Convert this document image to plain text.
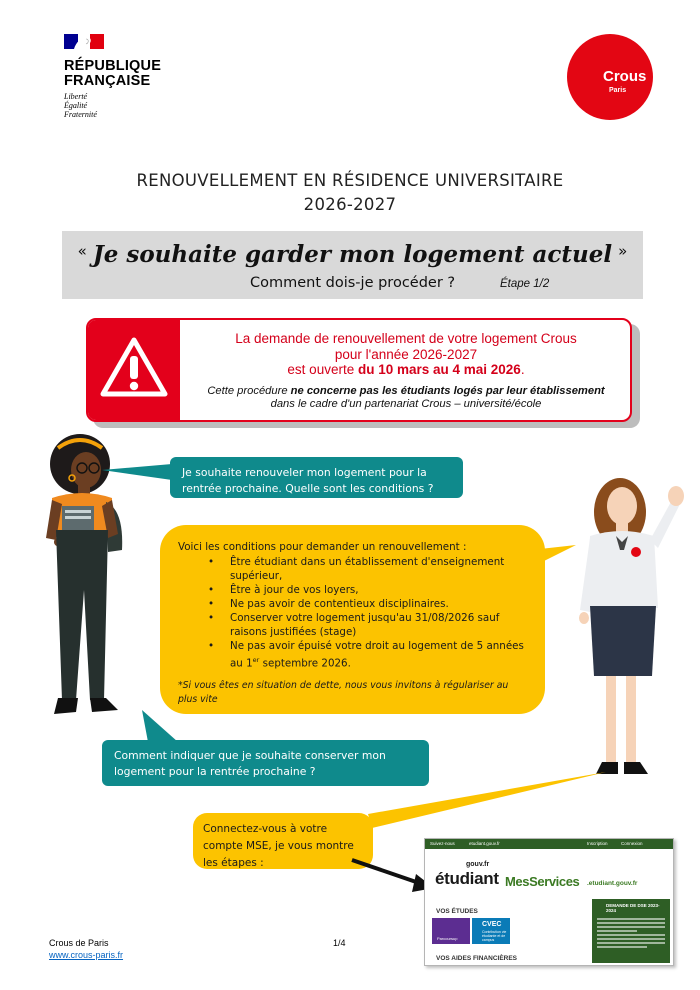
RÉPUBLIQUE
FRANÇAISE
Liberté
Égalité
Fraternité
Crous
Paris
RENOUVELLEMENT EN RÉSIDENCE UNIVERSITAIRE
2026-2027
« Je souhaite garder mon logement actuel »
Comment dois-je procéder ?	Étape 1/2
La demande de renouvellement de votre logement Crous
pour l'année 2026-2027
est ouverte du 10 mars au 4 mai 2026.
Cette procédure ne concerne pas les étudiants logés par leur établissement
dans le cadre d'un partenariat Crous – université/école
Je souhaite renouveler mon logement pour la rentrée prochaine. Quelle sont les conditions ?
Voici les conditions pour demander un renouvellement :
• Être étudiant dans un établissement d'enseignement supérieur,
• Être à jour de vos loyers,
• Ne pas avoir de contentieux disciplinaires.
• Conserver votre logement jusqu'au 31/08/2026 sauf raisons justifiées (stage)
• Ne pas avoir épuisé votre droit au logement de 5 années au 1er septembre 2026.
*Si vous êtes en situation de dette, nous vous invitons à régulariser au plus vite
Comment indiquer que je souhaite conserver mon logement pour la rentrée prochaine ?
Connectez-vous à votre compte MSE, je vous montre les étapes :
Suivez-nous	etudiant.gouv.fr	Inscription	Connexion
gouv.fr
étudiant MesServices .etudiant.gouv.fr
VOS ÉTUDES
Parcoursup
CVEC
Contribution vie étudiante et de campus
VOS AIDES FINANCIÈRES
DEMANDE DE DSE 2023-2024
Crous de Paris
www.crous-paris.fr
1/4
